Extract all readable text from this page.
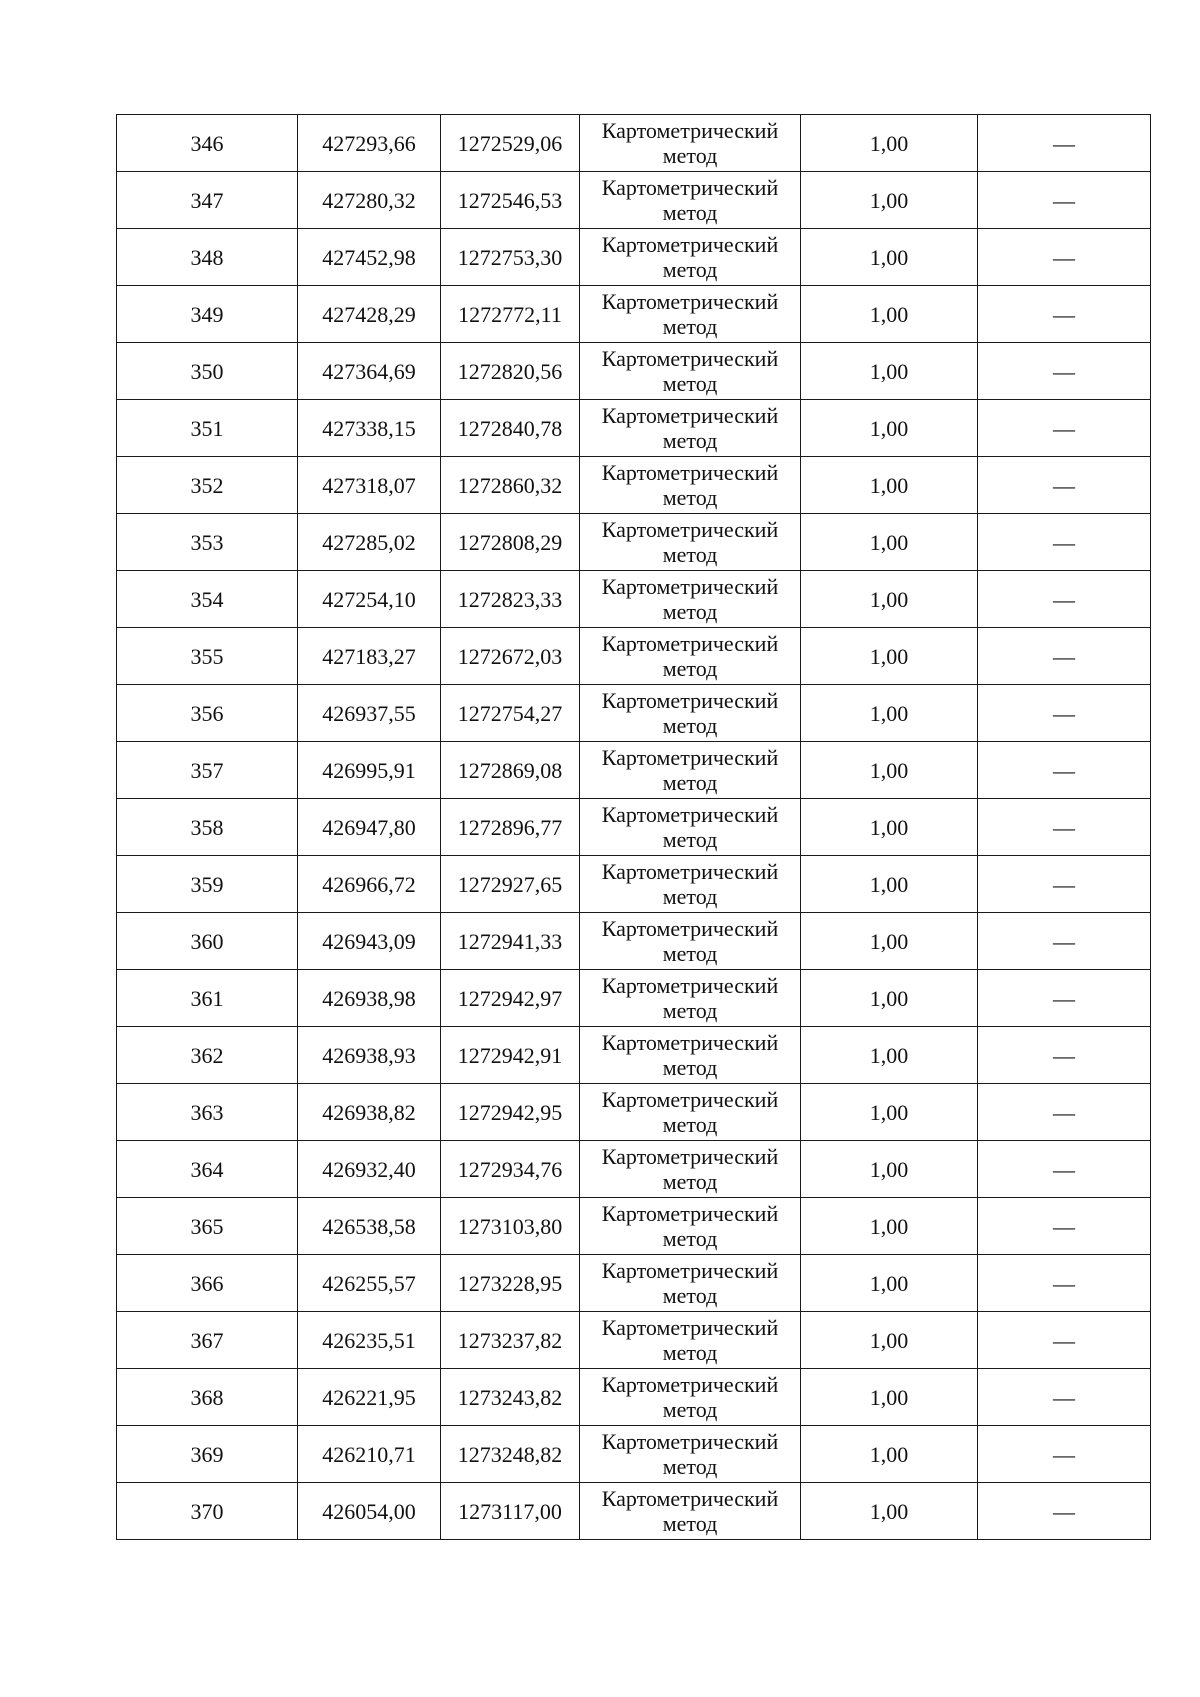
346	427293,66	1272529,06	Картометрический метод	1,00	—
347	427280,32	1272546,53	Картометрический метод	1,00	—
348	427452,98	1272753,30	Картометрический метод	1,00	—
349	427428,29	1272772,11	Картометрический метод	1,00	—
350	427364,69	1272820,56	Картометрический метод	1,00	—
351	427338,15	1272840,78	Картометрический метод	1,00	—
352	427318,07	1272860,32	Картометрический метод	1,00	—
353	427285,02	1272808,29	Картометрический метод	1,00	—
354	427254,10	1272823,33	Картометрический метод	1,00	—
355	427183,27	1272672,03	Картометрический метод	1,00	—
356	426937,55	1272754,27	Картометрический метод	1,00	—
357	426995,91	1272869,08	Картометрический метод	1,00	—
358	426947,80	1272896,77	Картометрический метод	1,00	—
359	426966,72	1272927,65	Картометрический метод	1,00	—
360	426943,09	1272941,33	Картометрический метод	1,00	—
361	426938,98	1272942,97	Картометрический метод	1,00	—
362	426938,93	1272942,91	Картометрический метод	1,00	—
363	426938,82	1272942,95	Картометрический метод	1,00	—
364	426932,40	1272934,76	Картометрический метод	1,00	—
365	426538,58	1273103,80	Картометрический метод	1,00	—
366	426255,57	1273228,95	Картометрический метод	1,00	—
367	426235,51	1273237,82	Картометрический метод	1,00	—
368	426221,95	1273243,82	Картометрический метод	1,00	—
369	426210,71	1273248,82	Картометрический метод	1,00	—
370	426054,00	1273117,00	Картометрический метод	1,00	—
